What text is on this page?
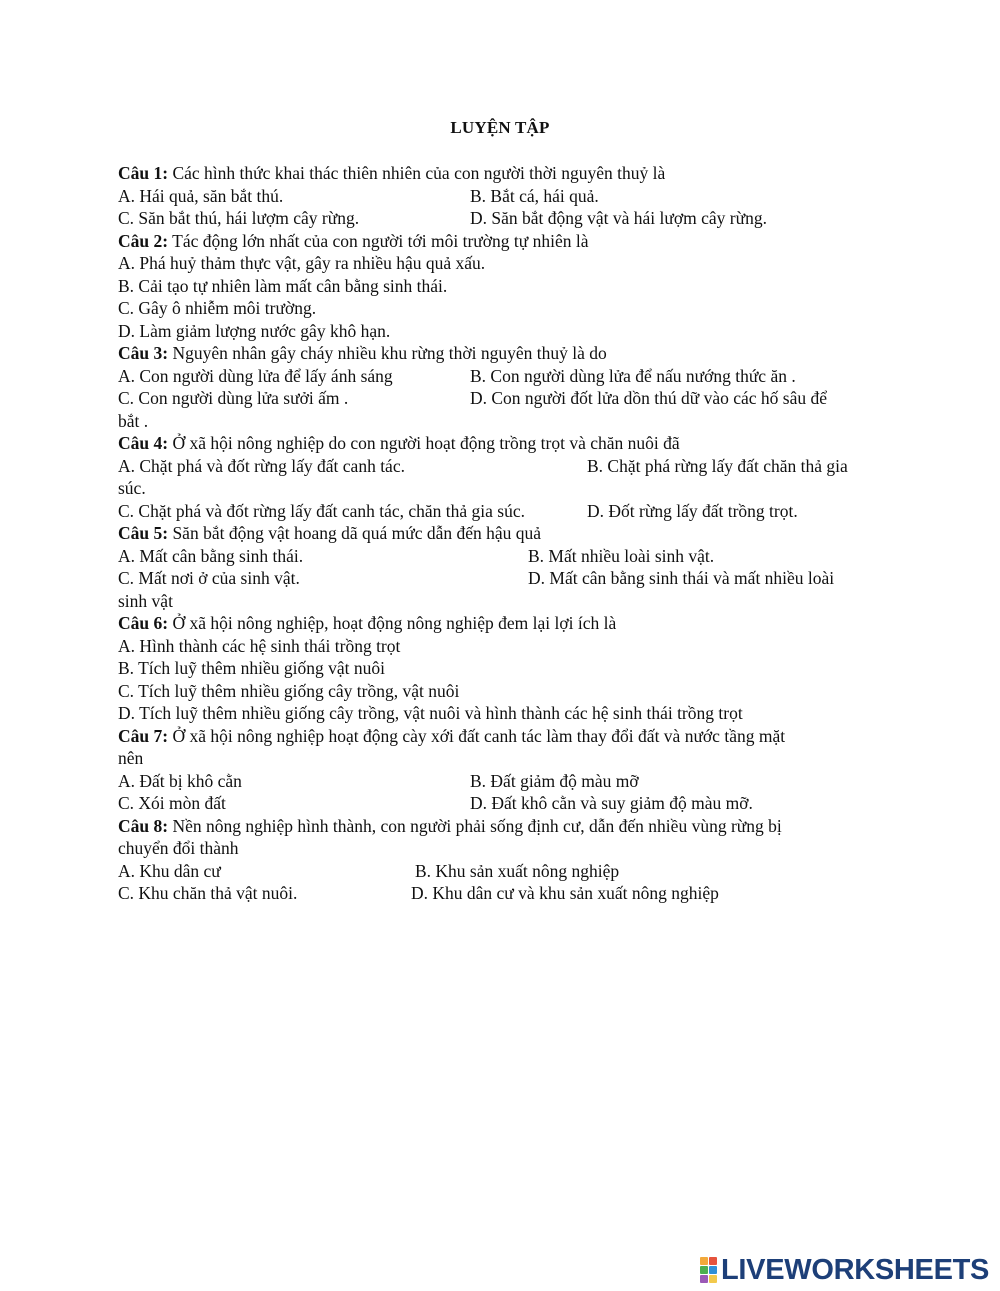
LUYỆN TẬP
Câu 1: Các hình thức khai thác thiên nhiên của con người thời nguyên thuỷ là
A. Hái quả, săn bắt thú.	B. Bắt cá, hái quả.
C. Săn bắt thú, hái lượm cây rừng.	D. Săn bắt động vật và hái lượm cây rừng.
Câu 2: Tác động lớn nhất của con người tới môi trường tự nhiên là
A. Phá huỷ thảm thực vật, gây ra nhiều hậu quả xấu.
B. Cải tạo tự nhiên làm mất cân bằng sinh thái.
C. Gây ô nhiễm môi trường.
D. Làm giảm lượng nước gây khô hạn.
Câu 3: Nguyên nhân gây cháy nhiều khu rừng thời nguyên thuỷ là do
A. Con người dùng lửa để lấy ánh sáng	B. Con người dùng lửa để nấu nướng thức ăn .
C. Con người dùng lửa sưởi ấm .	D. Con người đốt lửa dồn thú dữ vào các hố sâu để
bắt .
Câu 4: Ở xã hội nông nghiệp do con người hoạt động trồng trọt và chăn nuôi đã
A. Chặt phá và đốt rừng lấy đất canh tác.	B. Chặt phá rừng lấy đất chăn thả gia
súc.
C. Chặt phá và đốt rừng lấy đất canh tác, chăn thả gia súc.	D. Đốt rừng lấy đất trồng trọt.
Câu 5: Săn bắt động vật hoang dã quá mức dẫn đến hậu quả
A. Mất cân bằng sinh thái.	B. Mất nhiều loài sinh vật.
C. Mất nơi ở của sinh vật.	D. Mất cân bằng sinh thái và mất nhiều loài
sinh vật
Câu 6: Ở xã hội nông nghiệp, hoạt động nông nghiệp đem lại lợi ích là
A. Hình thành các hệ sinh thái trồng trọt
B. Tích luỹ thêm nhiều giống vật nuôi
C. Tích luỹ thêm nhiều giống cây trồng, vật nuôi
D. Tích luỹ thêm nhiều giống cây trồng, vật nuôi và hình thành các hệ sinh thái trồng trọt
Câu 7: Ở xã hội nông nghiệp hoạt động cày xới đất canh tác làm thay đổi đất và nước tầng mặt
nên
A. Đất bị khô cằn	B. Đất giảm độ màu mỡ
C. Xói mòn đất	D. Đất khô cằn và suy giảm độ màu mỡ.
Câu 8: Nền nông nghiệp hình thành, con người phải sống định cư, dẫn đến nhiều vùng rừng bị
chuyển đổi thành
A. Khu dân cư	B. Khu sản xuất nông nghiệp
C. Khu chăn thả vật nuôi.	D. Khu dân cư và khu sản xuất nông nghiệp
LIVEWORKSHEETS
